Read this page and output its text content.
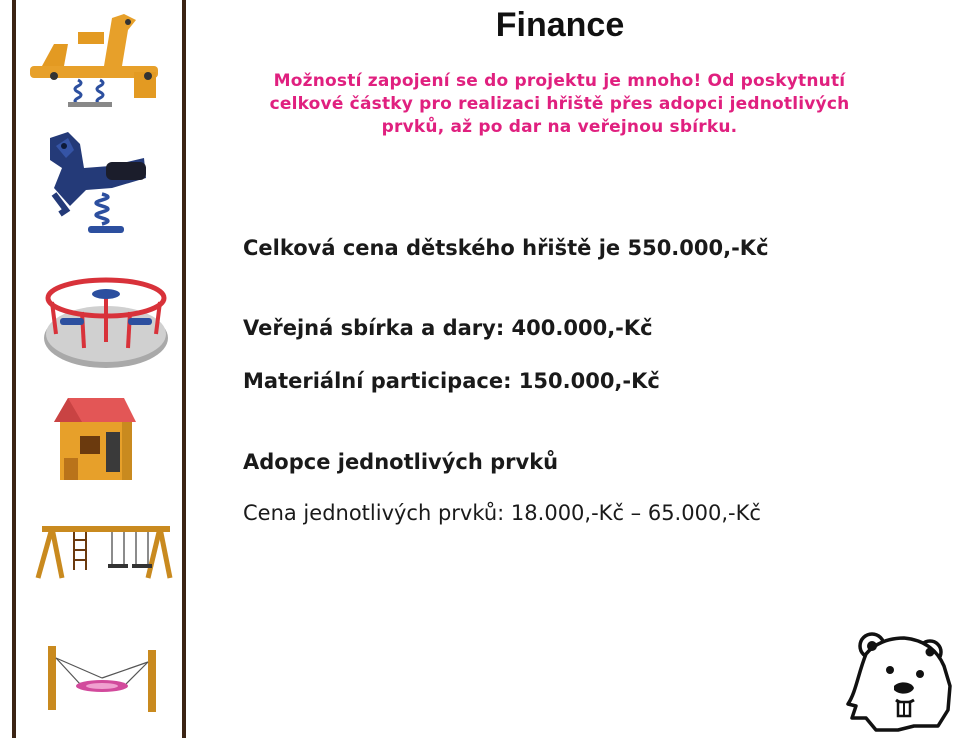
Finance

Možností zapojení se do projektu je mnoho! Od poskytnutí

celkové částky pro realizaci hřiště přes adopci jednotlivých

prvků, až po dar na veřejnou sbírku.

Celková cena dětského hřiště je 550.000,-Kč
Veřejná sbírka a dary: 400.000,-Kč
Materiální participace: 150.000,-Kč
Adopce jednotlivých prvků
Cena jednotlivých prvků: 18.000,-Kč – 65.000,-Kč
